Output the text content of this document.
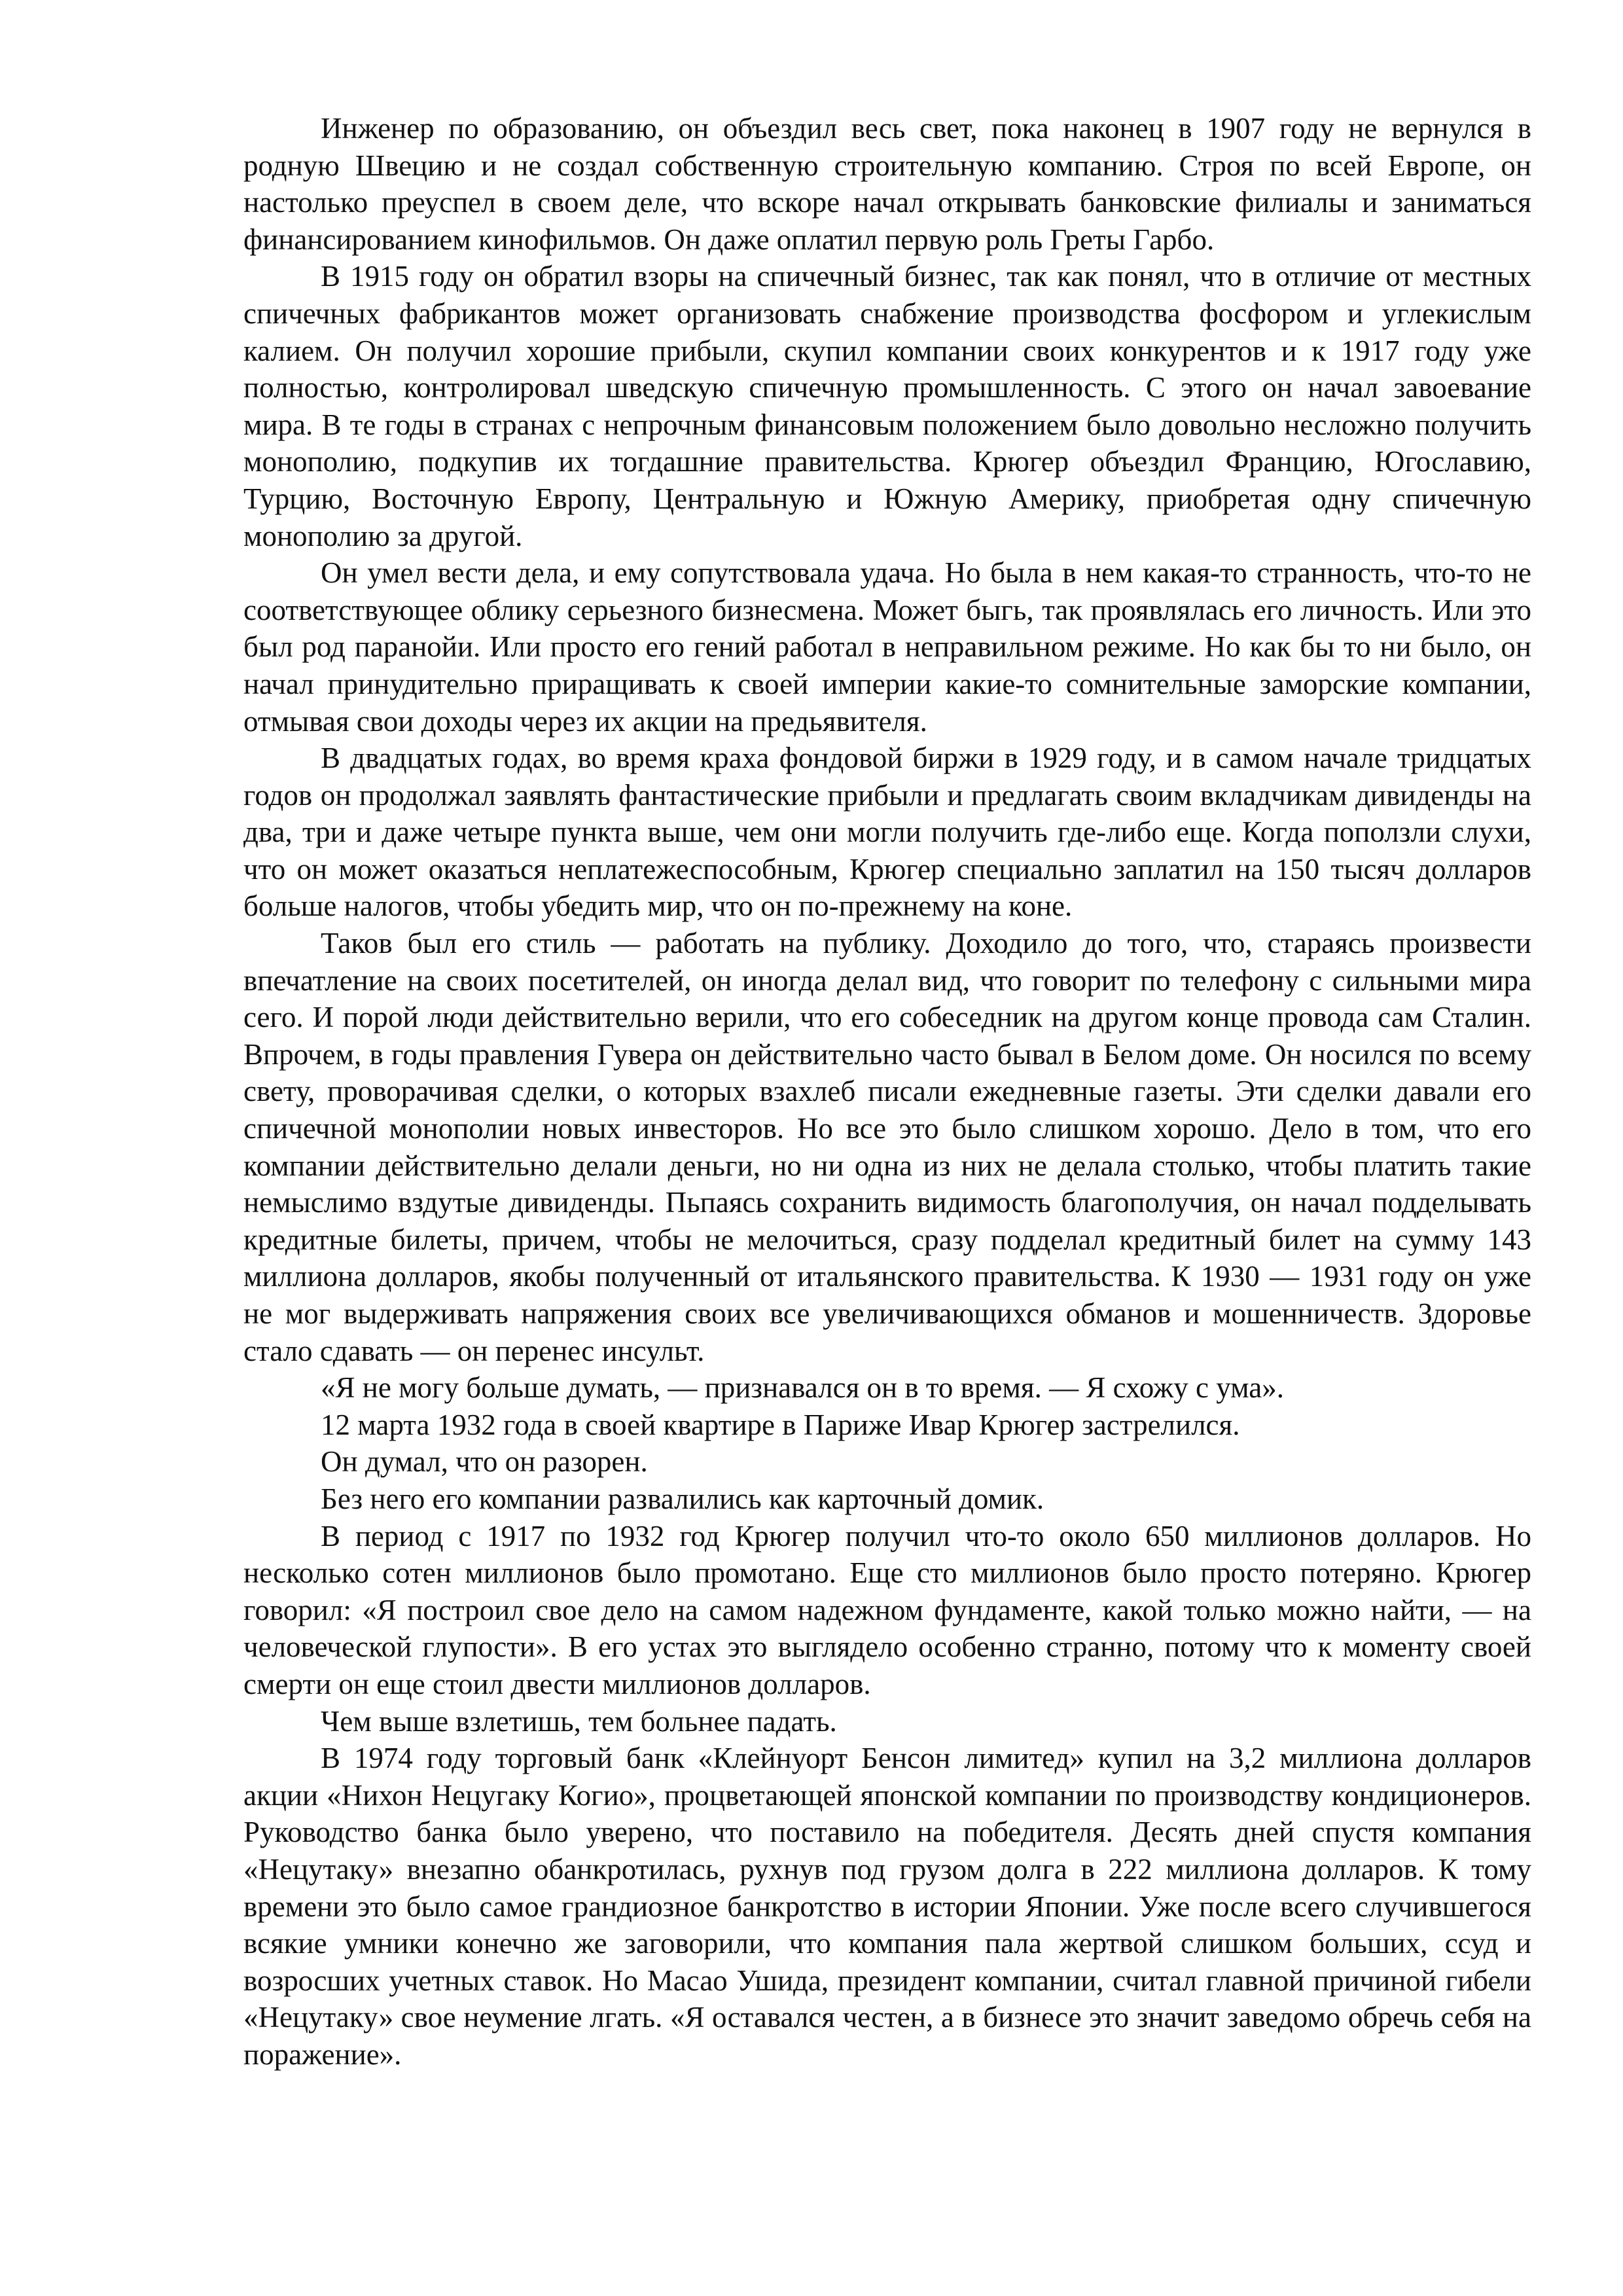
Инженер по образованию, он объездил весь свет, пока наконец в 1907 году не вернулся в родную Швецию и не создал собственную строительную компанию. Строя по всей Европе, он настолько преуспел в своем деле, что вскоре начал открывать банковские филиалы и заниматься финансированием кинофильмов. Он даже оплатил первую роль Греты Гарбо.

В 1915 году он обратил взоры на спичечный бизнес, так как понял, что в отличие от местных спичечных фабрикантов может организовать снабжение производства фосфором и углекислым калием. Он получил хорошие прибыли, скупил компании своих конкурентов и к 1917 году уже полностью, контролировал шведскую спичечную промышленность. С этого он начал завоевание мира. В те годы в странах с непрочным финансовым положением было довольно несложно получить монополию, подкупив их тогдашние правительства. Крюгер объездил Францию, Югославию, Турцию, Восточную Европу, Центральную и Южную Америку, приобретая одну спичечную монополию за другой.

Он умел вести дела, и ему сопутствовала удача. Но была в нем какая-то странность, что-то не соответствующее облику серьезного бизнесмена. Может быгь, так проявлялась его личность. Или это был род паранойи. Или просто его гений работал в неправильном режиме. Но как бы то ни было, он начал принудительно приращивать к своей империи какие-то сомнительные заморские компании, отмывая свои доходы через их акции на предьявителя.

В двадцатых годах, во время краха фондовой биржи в 1929 году, и в самом начале тридцатых годов он продолжал заявлять фантастические прибыли и предлагать своим вкладчикам дивиденды на два, три и даже четыре пункта выше, чем они могли получить где-либо еще. Когда поползли слухи, что он может оказаться неплатежеспособным, Крюгер специально заплатил на 150 тысяч долларов больше налогов, чтобы убедить мир, что он по-прежнему на коне.

Таков был его стиль — работать на публику. Доходило до того, что, стараясь произвести впечатление на своих посетителей, он иногда делал вид, что говорит по телефону с сильными мира сего. И порой люди действительно верили, что его собеседник на другом конце провода сам Сталин. Впрочем, в годы правления Гувера он действительно часто бывал в Белом доме. Он носился по всему свету, проворачивая сделки, о которых взахлеб писали ежедневные газеты. Эти сделки давали его спичечной монополии новых инвесторов. Но все это было слишком хорошо. Дело в том, что его компании действительно делали деньги, но ни одна из них не делала столько, чтобы платить такие немыслимо вздутые дивиденды. Пьпаясь сохранить видимость благополучия, он начал подделывать кредитные билеты, причем, чтобы не мелочиться, сразу подделал кредитный билет на сумму 143 миллиона долларов, якобы полученный от итальянского правительства. К 1930 — 1931 году он уже не мог выдерживать напряжения своих все увеличивающихся обманов и мошенничеств. Здоровье стало сдавать — он перенес инсульт.

«Я не могу больше думать, — признавался он в то время. — Я схожу с ума».

12 марта 1932 года в своей квартире в Париже Ивар Крюгер застрелился.

Он думал, что он разорен.

Без него его компании развалились как карточный домик.

В период с 1917 по 1932 год Крюгер получил что-то около 650 миллионов долларов. Но несколько сотен миллионов было промотано. Еще сто миллионов было просто потеряно. Крюгер говорил: «Я построил свое дело на самом надежном фундаменте, какой только можно найти, — на человеческой глупости». В его устах это выглядело особенно странно, потому что к моменту своей смерти он еще стоил двести миллионов долларов.

Чем выше взлетишь, тем больнее падать.

В 1974 году торговый банк «Клейнуорт Бенсон лимитед» купил на 3,2 миллиона долларов акции «Нихон Нецугаку Когио», процветающей японской компании по производству кондиционеров. Руководство банка было уверено, что поставило на победителя. Десять дней спустя компания «Нецутаку» внезапно обанкротилась, рухнув под грузом долга в 222 миллиона долларов. К тому времени это было самое грандиозное банкротство в истории Японии. Уже после всего случившегося всякие умники конечно же заговорили, что компания пала жертвой слишком больших, ссуд и возросших учетных ставок. Но Масао Ушида, президент компании, считал главной причиной гибели «Нецутаку» свое неумение лгать. «Я оставался честен, а в бизнесе это значит заведомо обречь себя на поражение».
